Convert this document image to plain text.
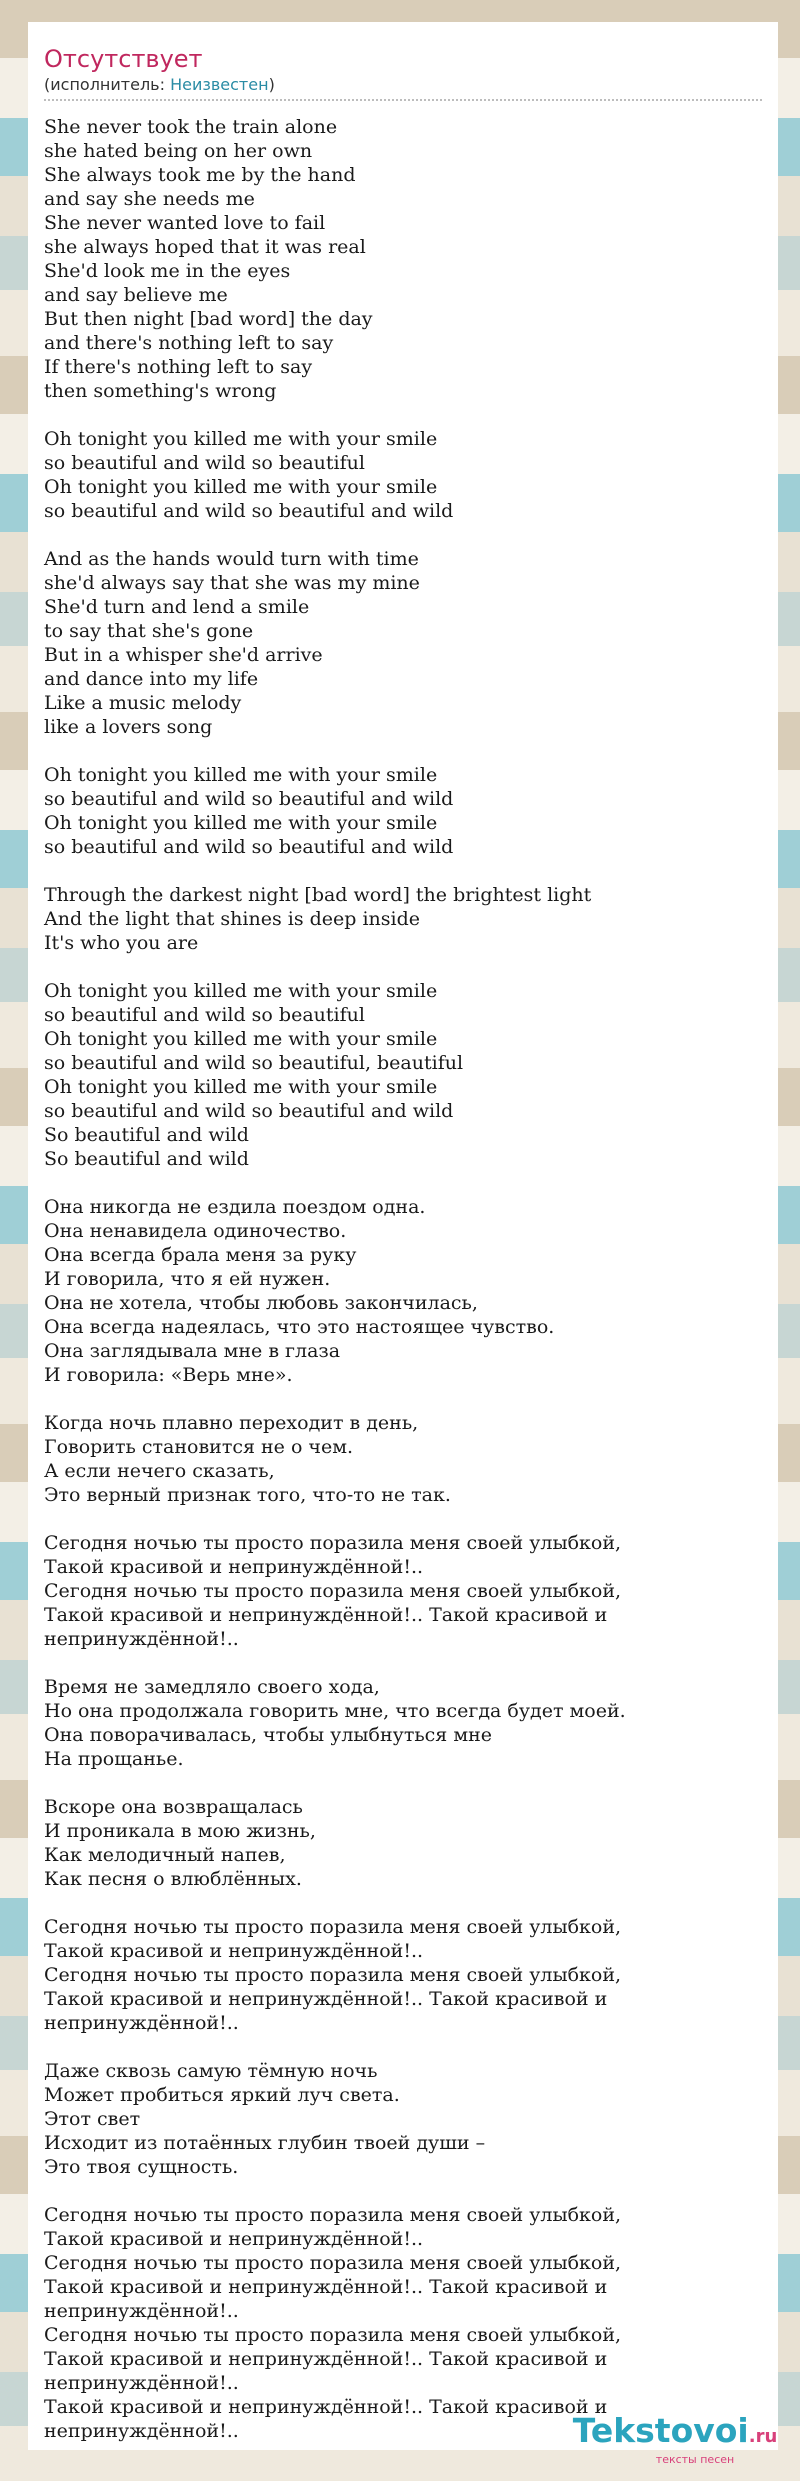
Отсутствует
(исполнитель: Неизвестен)
She never took the train alone
she hated being on her own
She always took me by the hand
and say she needs me
She never wanted love to fail
she always hoped that it was real
She'd look me in the eyes
and say believe me
But then night [bad word] the day
and there's nothing left to say
If there's nothing left to say
then something's wrong
Oh tonight you killed me with your smile
so beautiful and wild so beautiful
Oh tonight you killed me with your smile
so beautiful and wild so beautiful and wild
And as the hands would turn with time
she'd always say that she was my mine
She'd turn and lend a smile
to say that she's gone
But in a whisper she'd arrive
and dance into my life
Like a music melody
like a lovers song
Oh tonight you killed me with your smile
so beautiful and wild so beautiful and wild
Oh tonight you killed me with your smile
so beautiful and wild so beautiful and wild
Through the darkest night [bad word] the brightest light
And the light that shines is deep inside
It's who you are
Oh tonight you killed me with your smile
so beautiful and wild so beautiful
Oh tonight you killed me with your smile
so beautiful and wild so beautiful, beautiful
Oh tonight you killed me with your smile
so beautiful and wild so beautiful and wild
So beautiful and wild
So beautiful and wild
Она никогда не ездила поездом одна.
Она ненавидела одиночество.
Она всегда брала меня за руку
И говорила, что я ей нужен.
Она не хотела, чтобы любовь закончилась,
Она всегда надеялась, что это настоящее чувство.
Она заглядывала мне в глаза
И говорила: «Верь мне».
Когда ночь плавно переходит в день,
Говорить становится не о чем.
А если нечего сказать,
Это верный признак того, что-то не так.
Сегодня ночью ты просто поразила меня своей улыбкой,
Такой красивой и непринуждённой!..
Сегодня ночью ты просто поразила меня своей улыбкой,
Такой красивой и непринуждённой!.. Такой красивой и
непринуждённой!..
Время не замедляло своего хода,
Но она продолжала говорить мне, что всегда будет моей.
Она поворачивалась, чтобы улыбнуться мне
На прощанье.
Вскоре она возвращалась
И проникала в мою жизнь,
Как мелодичный напев,
Как песня о влюблённых.
Сегодня ночью ты просто поразила меня своей улыбкой,
Такой красивой и непринуждённой!..
Сегодня ночью ты просто поразила меня своей улыбкой,
Такой красивой и непринуждённой!.. Такой красивой и
непринуждённой!..
Даже сквозь самую тёмную ночь
Может пробиться яркий луч света.
Этот свет
Исходит из потаённых глубин твоей души –
Это твоя сущность.
Сегодня ночью ты просто поразила меня своей улыбкой,
Такой красивой и непринуждённой!..
Сегодня ночью ты просто поразила меня своей улыбкой,
Такой красивой и непринуждённой!.. Такой красивой и
непринуждённой!..
Сегодня ночью ты просто поразила меня своей улыбкой,
Такой красивой и непринуждённой!.. Такой красивой и
непринуждённой!..
Такой красивой и непринуждённой!.. Такой красивой и
непринуждённой!..	Tekstovoi.ru
тексты песен
